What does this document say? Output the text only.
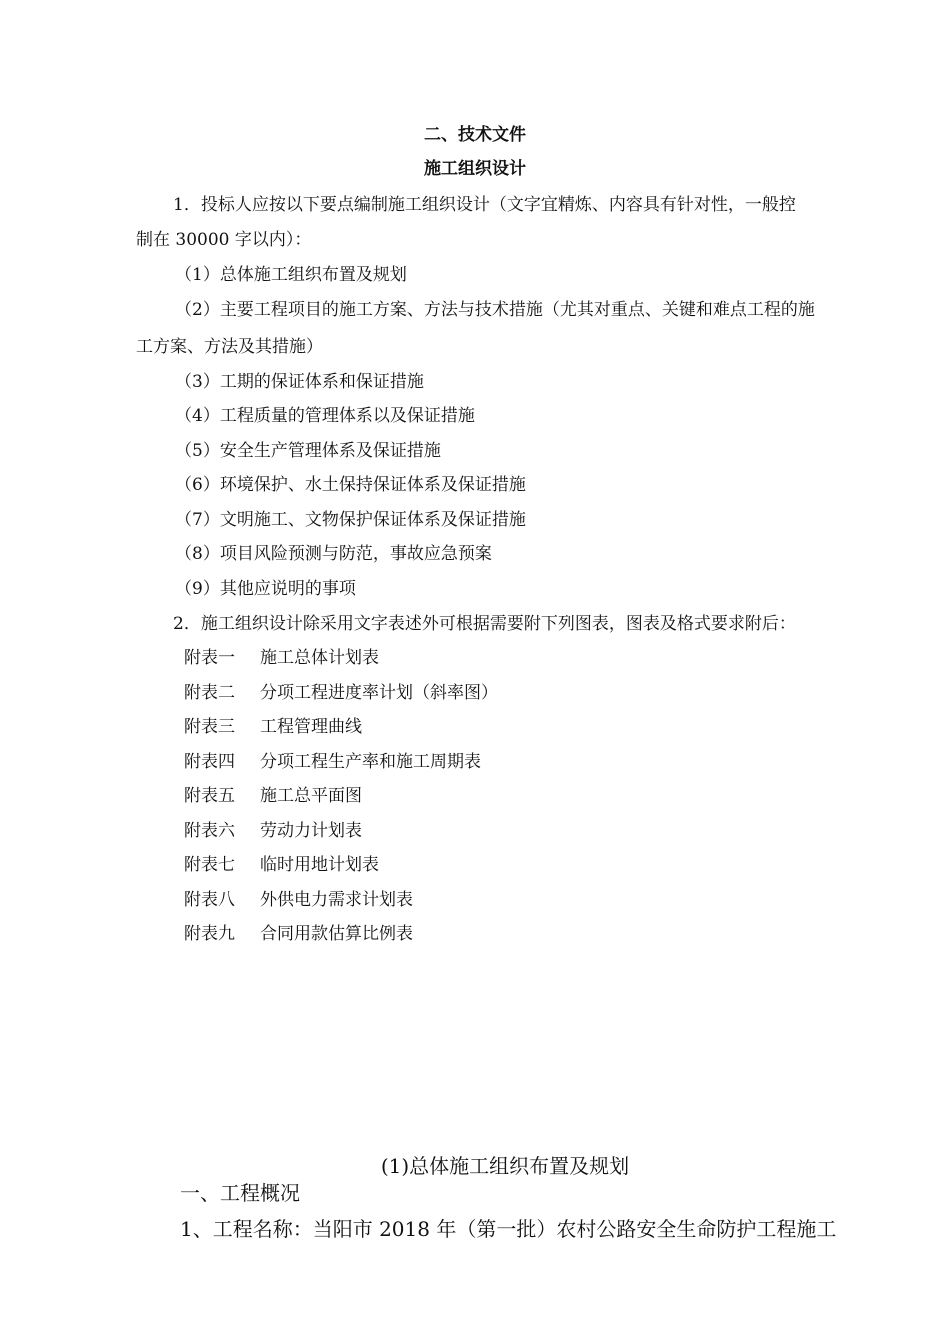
二、技术文件
施工组织设计
1．投标人应按以下要点编制施工组织设计（文字宜精炼、内容具有针对性，一般控
制在 30000 字以内）：
（1）总体施工组织布置及规划
（2）主要工程项目的施工方案、方法与技术措施（尤其对重点、关键和难点工程的施
工方案、方法及其措施）
（3）工期的保证体系和保证措施
（4）工程质量的管理体系以及保证措施
（5）安全生产管理体系及保证措施
（6）环境保护、水土保持保证体系及保证措施
（7）文明施工、文物保护保证体系及保证措施
（8）项目风险预测与防范，事故应急预案
（9）其他应说明的事项
2．施工组织设计除采用文字表述外可根据需要附下列图表，图表及格式要求附后：
附表一 施工总体计划表
附表二 分项工程进度率计划（斜率图）
附表三 工程管理曲线
附表四 分项工程生产率和施工周期表
附表五 施工总平面图
附表六 劳动力计划表
附表七 临时用地计划表
附表八 外供电力需求计划表
附表九 合同用款估算比例表
(1)总体施工组织布置及规划
一、工程概况
1、工程名称：当阳市 2018 年（第一批）农村公路安全生命防护工程施工
